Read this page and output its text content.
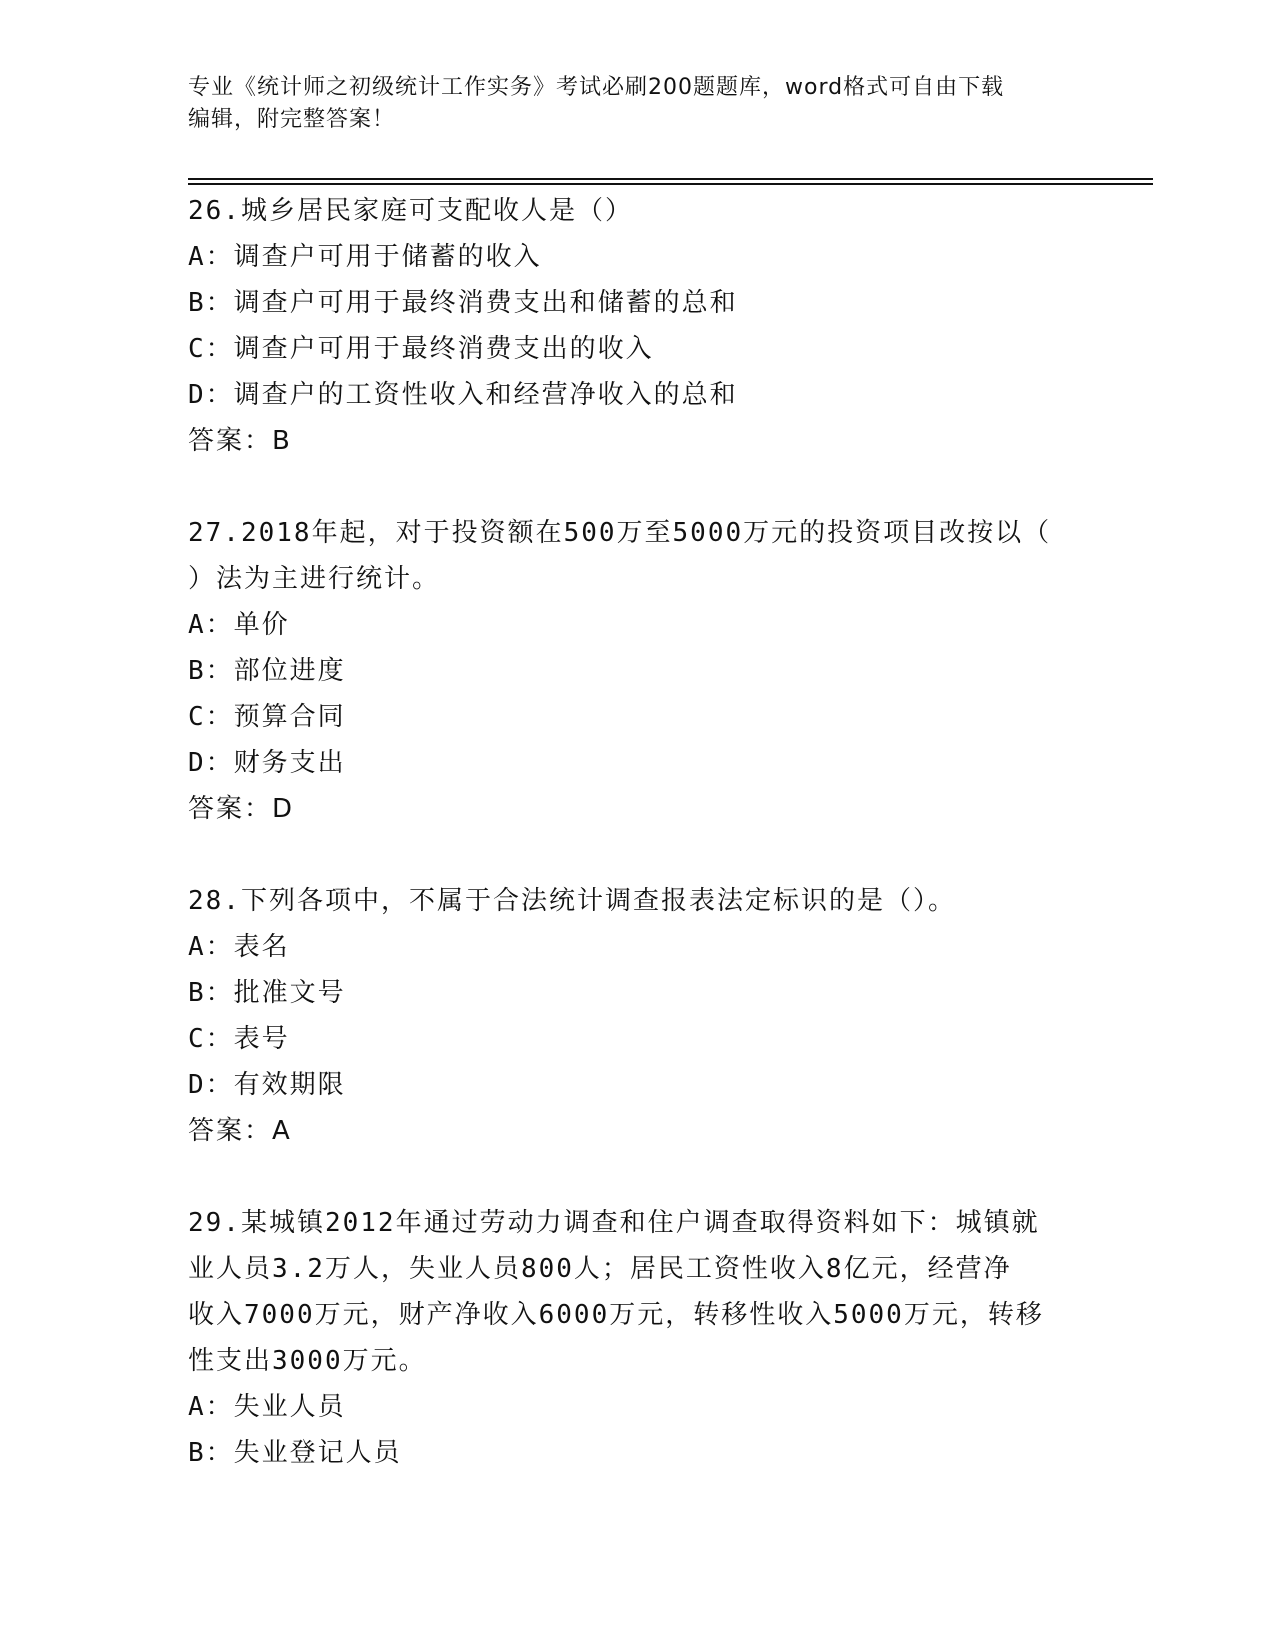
专业《统计师之初级统计工作实务》考试必刷200题题库，word格式可自由下载
编辑，附完整答案！
26.城乡居民家庭可支配收人是（）
A：调查户可用于储蓄的收入
B：调查户可用于最终消费支出和储蓄的总和
C：调查户可用于最终消费支出的收入
D：调查户的工资性收入和经营净收入的总和
答案：B
27.2018年起，对于投资额在500万至5000万元的投资项目改按以（
）法为主进行统计。
A：单价
B：部位进度
C：预算合同
D：财务支出
答案：D
28.下列各项中，不属于合法统计调查报表法定标识的是（）。
A：表名
B：批准文号
C：表号
D：有效期限
答案：A
29.某城镇2012年通过劳动力调查和住户调查取得资料如下：城镇就
业人员3.2万人，失业人员800人；居民工资性收入8亿元，经营净
收入7000万元，财产净收入6000万元，转移性收入5000万元，转移
性支出3000万元。
A：失业人员
B：失业登记人员
